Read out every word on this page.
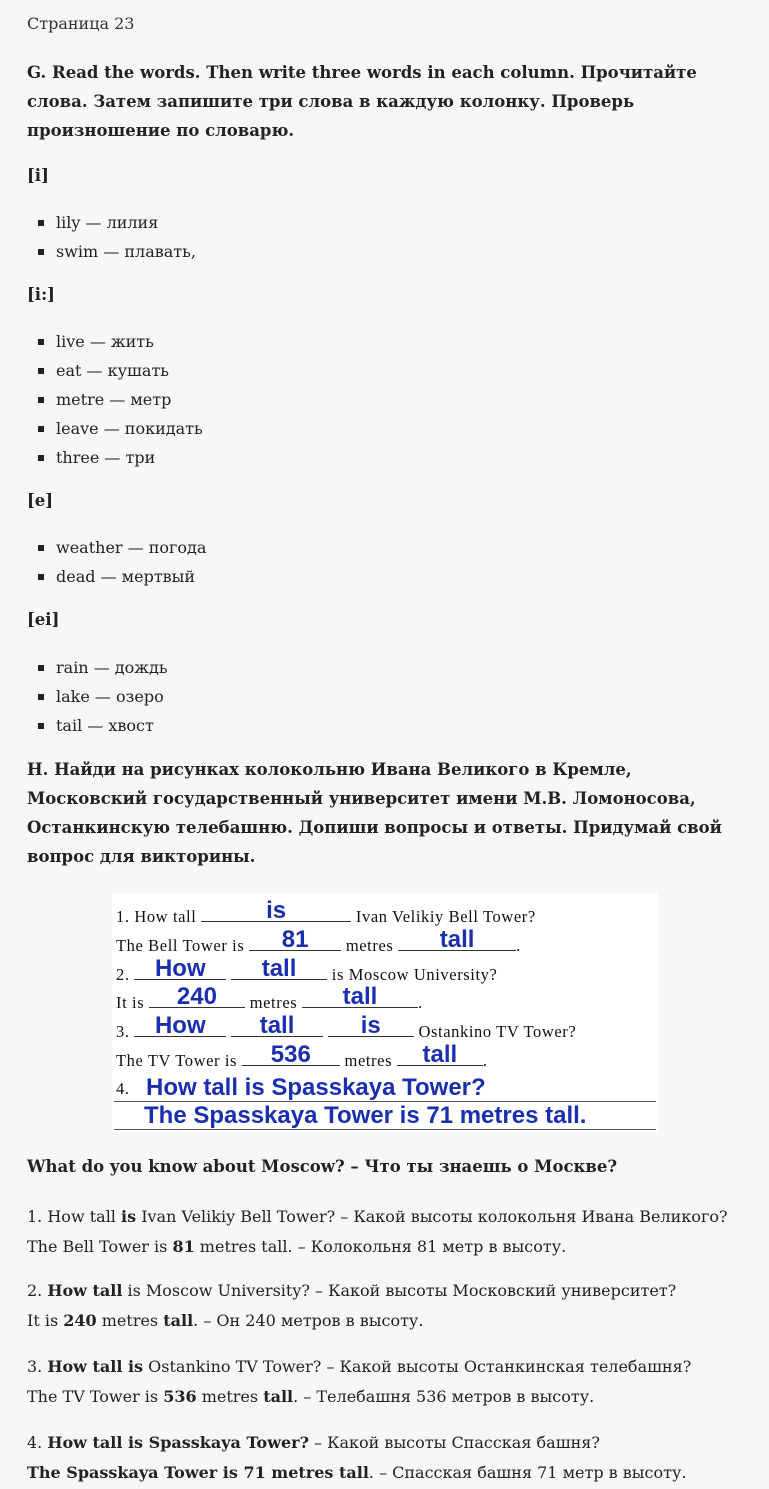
Страница 23
G. Read the words. Then write three words in each column. Прочитайте
слова. Затем запишите три слова в каждую колонку. Проверь
произношение по словарю.
[i]
lily — лилия
swim — плавать,
[i:]
live — жить
eat — кушать
metre — метр
leave — покидать
three — три
[e]
weather — погода
dead — мертвый
[ei]
rain — дождь
lake — озеро
tail — хвост
Н. Найди на рисунках колокольню Ивана Великого в Кремле,
Московский государственный университет имени М.В. Ломоносова,
Останкинскую телебашню. Допиши вопросы и ответы. Придумай свой
вопрос для викторины.
1. How tall	is	Ivan Velikiy Bell Tower?
The Bell Tower is	81	metres	tall	.
2.	How
	tall	is Moscow University?
It is	240	metres	tall	.
3.	How
	tall
	is	Ostankino TV Tower?
The TV Tower is	536	metres	tall	.
4. How tall is Spasskaya Tower?
The Spasskaya Tower is 71 metres tall.
What do you know about Moscow? – Что ты знаешь о Москве?
1. How tall is Ivan Velikiy Bell Tower? – Какой высоты колокольня Ивана Великого?
The Bell Tower is 81 metres tall. – Колокольня 81 метр в высоту.
2. How tall is Moscow University? – Какой высоты Московский университет?
It is 240 metres tall. – Он 240 метров в высоту.
3. How tall is Ostankino TV Tower? – Какой высоты Останкинская телебашня?
The TV Tower is 536 metres tall. – Телебашня 536 метров в высоту.
4. How tall is Spasskaya Tower? – Какой высоты Спасская башня?
The Spasskaya Tower is 71 metres tall. – Спасская башня 71 метр в высоту.
